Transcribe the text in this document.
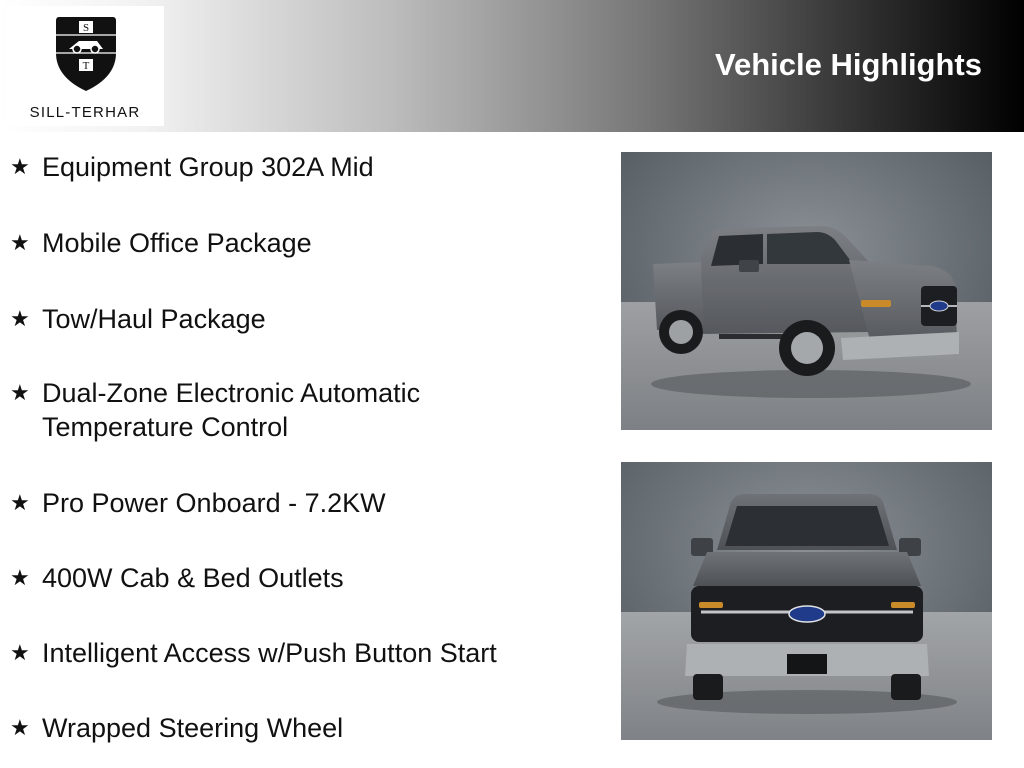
S
T
SILL-TERHAR
Vehicle Highlights
★ Equipment Group 302A Mid
★ Mobile Office Package
★ Tow/Haul Package
★ Dual-Zone Electronic Automatic Temperature Control
★ Pro Power Onboard - 7.2KW
★ 400W Cab & Bed Outlets
★ Intelligent Access w/Push Button Start
★ Wrapped Steering Wheel
